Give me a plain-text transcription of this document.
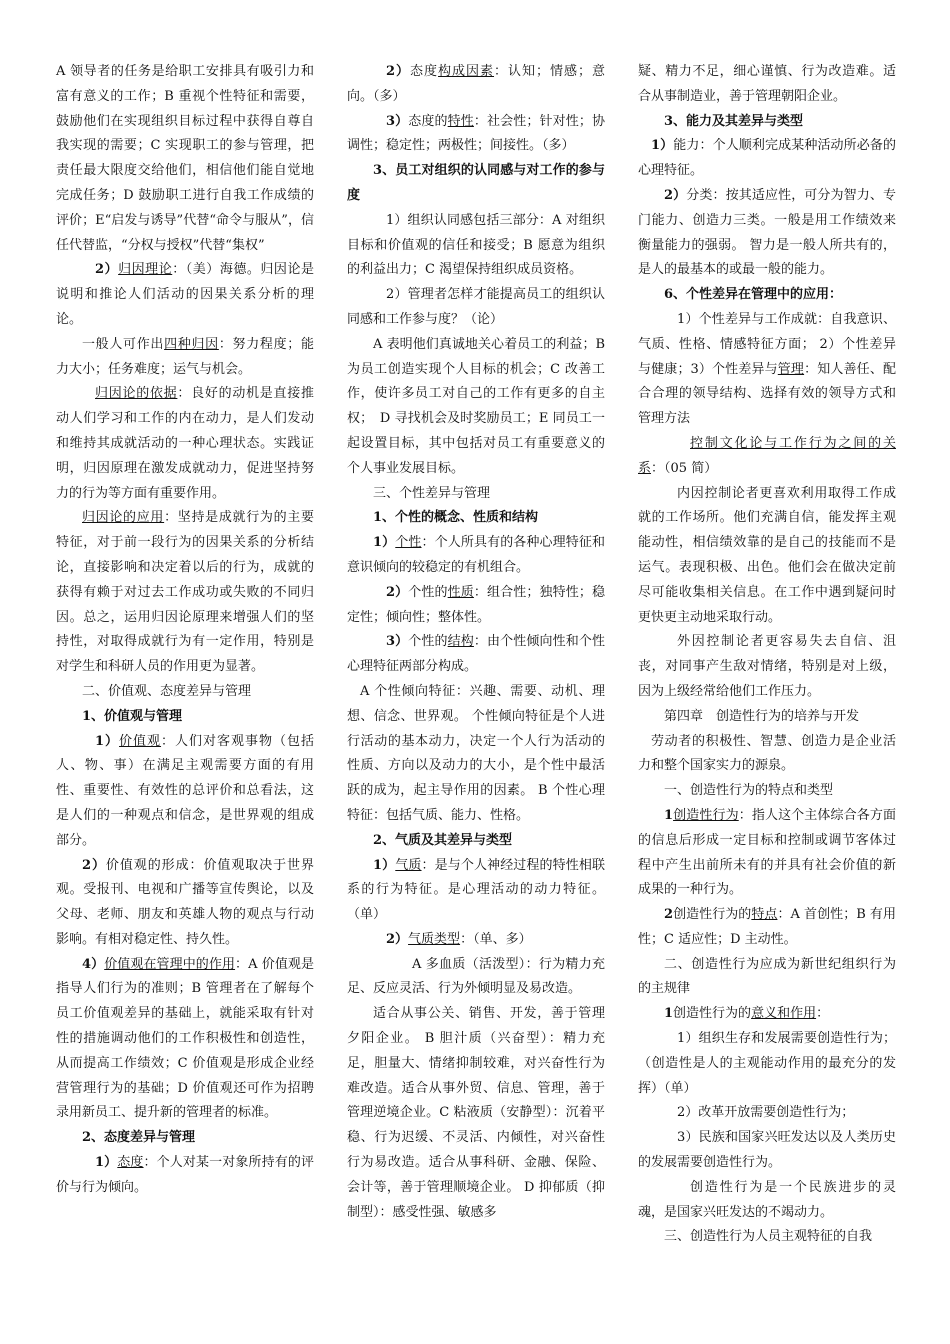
A 领导者的任务是给职工安排具有吸引力和富有意义的工作；B 重视个性特征和需要，鼓励他们在实现组织目标过程中获得自尊自我实现的需要；C 实现职工的参与管理，把责任最大限度交给他们，相信他们能自觉地完成任务；D 鼓励职工进行自我工作成绩的评价；E“启发与诱导”代替“命令与服从”，信任代替监，“分权与授权”代替“集权”

2）归因理论：（美）海德。归因论是说明和推论人们活动的因果关系分析的理论。

一般人可作出四种归因：努力程度；能力大小；任务难度；运气与机会。

归因论的依据：良好的动机是直接推动人们学习和工作的内在动力，是人们发动和维持其成就活动的一种心理状态。实践证明，归因原理在激发成就动力，促进坚持努力的行为等方面有重要作用。

归因论的应用：坚持是成就行为的主要特征，对于前一段行为的因果关系的分析结论，直接影响和决定着以后的行为，成就的获得有赖于对过去工作成功或失败的不同归因。总之，运用归因论原理来增强人们的坚持性，对取得成就行为有一定作用，特别是对学生和科研人员的作用更为显著。

二、价值观、态度差异与管理

1、价值观与管理

1）价值观：人们对客观事物（包括人、物、事）在满足主观需要方面的有用性、重要性、有效性的总评价和总看法，这是人们的一种观点和信念，是世界观的组成部分。

2）价值观的形成：价值观取决于世界观。受报刊、电视和广播等宣传舆论，以及父母、老师、朋友和英雄人物的观点与行动影响。有相对稳定性、持久性。

4）价值观在管理中的作用：A 价值观是指导人们行为的准则；B 管理者在了解每个员工价值观差异的基础上，就能采取有针对性的措施调动他们的工作积极性和创造性，从而提高工作绩效；C 价值观是形成企业经营管理行为的基础；D 价值观还可作为招聘录用新员工、提升新的管理者的标准。

2、态度差异与管理

1）态度：个人对某一对象所持有的评价与行为倾向。

2）态度构成因素：认知；情感；意向。（多）

3）态度的特性：社会性；针对性；协调性；稳定性；两极性；间接性。（多）

3、员工对组织的认同感与对工作的参与度

1）组织认同感包括三部分：A 对组织目标和价值观的信任和接受；B 愿意为组织的利益出力；C 渴望保持组织成员资格。

2）管理者怎样才能提高员工的组织认同感和工作参与度？（论）

A 表明他们真诚地关心着员工的利益；B 为员工创造实现个人目标的机会；C 改善工作，使许多员工对自己的工作有更多的自主权；　D 寻找机会及时奖励员工；E 同员工一起设置目标，其中包括对员工有重要意义的个人事业发展目标。

三、个性差异与管理

1、个性的概念、性质和结构

1）个性：个人所具有的各种心理特征和意识倾向的较稳定的有机组合。

2）个性的性质：组合性；独特性；稳定性；倾向性；整体性。

3）个性的结构：由个性倾向性和个性心理特征两部分构成。

A 个性倾向特征：兴趣、需要、动机、理想、信念、世界观。 个性倾向特征是个人进行活动的基本动力，决定一个人行为活动的性质、方向以及动力的大小，是个性中最活跃的成为，起主导作用的因素。 B 个性心理特征：包括气质、能力、性格。

2、气质及其差异与类型

1）气质：是与个人神经过程的特性相联系的行为特征。是心理活动的动力特征。（单）

2）气质类型：（单、多）

A 多血质（活泼型）：行为精力充足、反应灵活、行为外倾明显及易改造。

适合从事公关、销售、开发，善于管理夕阳企业。 B 胆汁质（兴奋型）：精力充足，胆量大、情绪抑制较难，对兴奋性行为难改造。适合从事外贸、信息、管理，善于管理逆境企业。C 粘液质（安静型）：沉着平稳、行为迟缓、不灵活、内倾性，对兴奋性行为易改造。适合从事科研、金融、保险、会计等，善于管理顺境企业。 D 抑郁质（抑制型）：感受性强、敏感多

疑、精力不足，细心谨慎、行为改造难。适合从事制造业，善于管理朝阳企业。

3、能力及其差异与类型

1）能力：个人顺利完成某种活动所必备的心理特征。

2）分类：按其适应性，可分为智力、专门能力、创造力三类。一般是用工作绩效来衡量能力的强弱。 智力是一般人所共有的，是人的最基本的或最一般的能力。

6、个性差异在管理中的应用：

1）个性差异与工作成就：自我意识、气质、性格、情感特征方面； 2）个性差异与健康；3）个性差异与管理：知人善任、配合合理的领导结构、选择有效的领导方式和管理方法

控制文化论与工作行为之间的关系：（05 简）

内因控制论者更喜欢利用取得工作成就的工作场所。他们充满自信，能发挥主观能动性，相信绩效靠的是自己的技能而不是运气。表现积极、出色。他们会在做决定前尽可能收集相关信息。在工作中遇到疑问时更快更主动地采取行动。

外因控制论者更容易失去自信、沮丧，对同事产生敌对情绪，特别是对上级，因为上级经常给他们工作压力。

第四章　创造性行为的培养与开发

劳动者的积极性、智慧、创造力是企业活力和整个国家实力的源泉。

一、创造性行为的特点和类型

1创造性行为：指人这个主体综合各方面的信息后形成一定目标和控制或调节客体过程中产生出前所未有的并具有社会价值的新成果的一种行为。

2创造性行为的特点：A 首创性；B 有用性；C 适应性；D 主动性。

二、创造性行为应成为新世纪组织行为的主规律

1创造性行为的意义和作用：

1）组织生存和发展需要创造性行为；（创造性是人的主观能动作用的最充分的发挥）（单）

2）改革开放需要创造性行为；

3）民族和国家兴旺发达以及人类历史的发展需要创造性行为。

创造性行为是一个民族进步的灵魂，是国家兴旺发达的不竭动力。

三、创造性行为人员主观特征的自我
